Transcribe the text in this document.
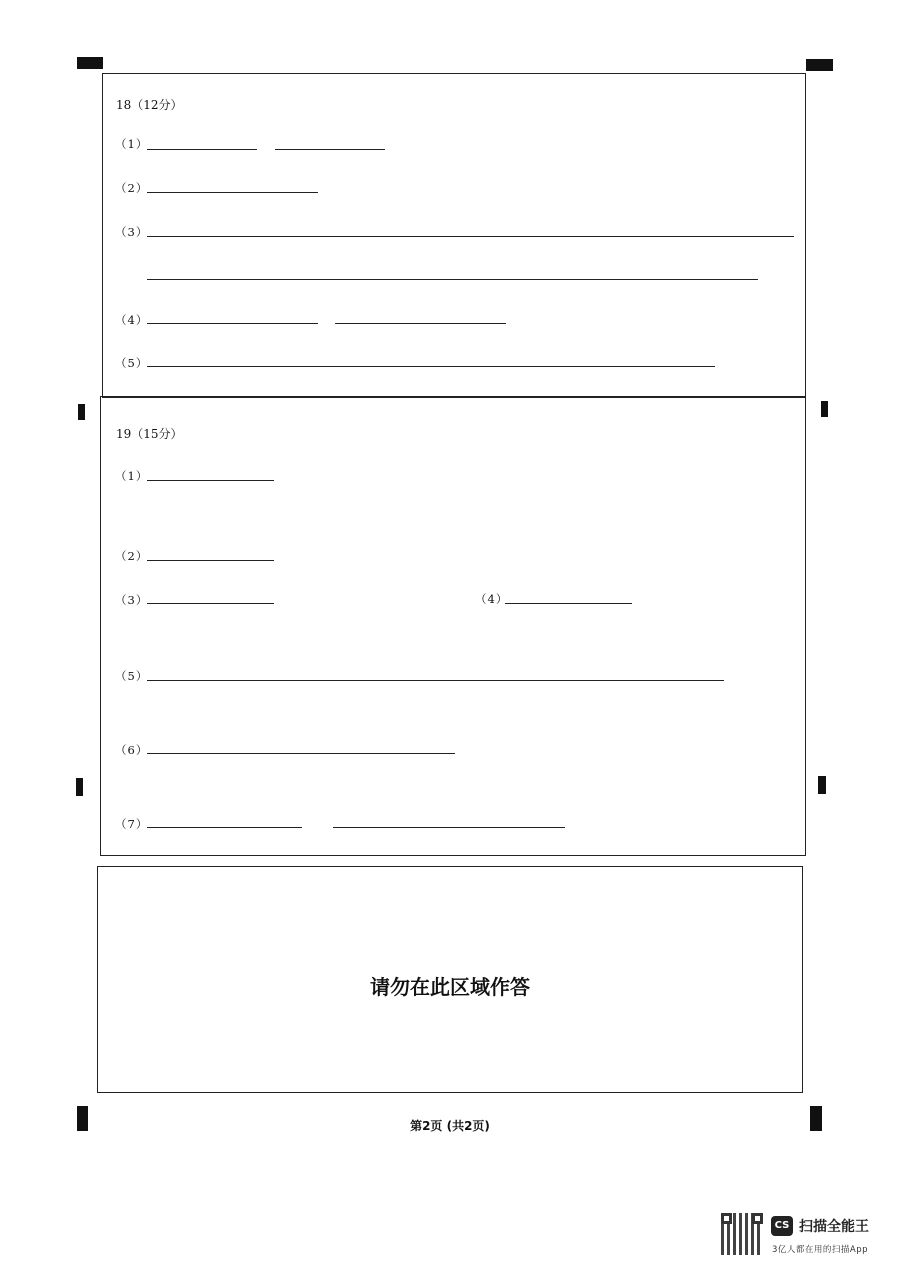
18（12分）
（1）
（2）
（3）
（4）
（5）
19（15分）
（1）
（2）
（3）	（4）
（5）
（6）
（7）
请勿在此区域作答
第2页 (共2页)
CS 扫描全能王
3亿人都在用的扫描App
